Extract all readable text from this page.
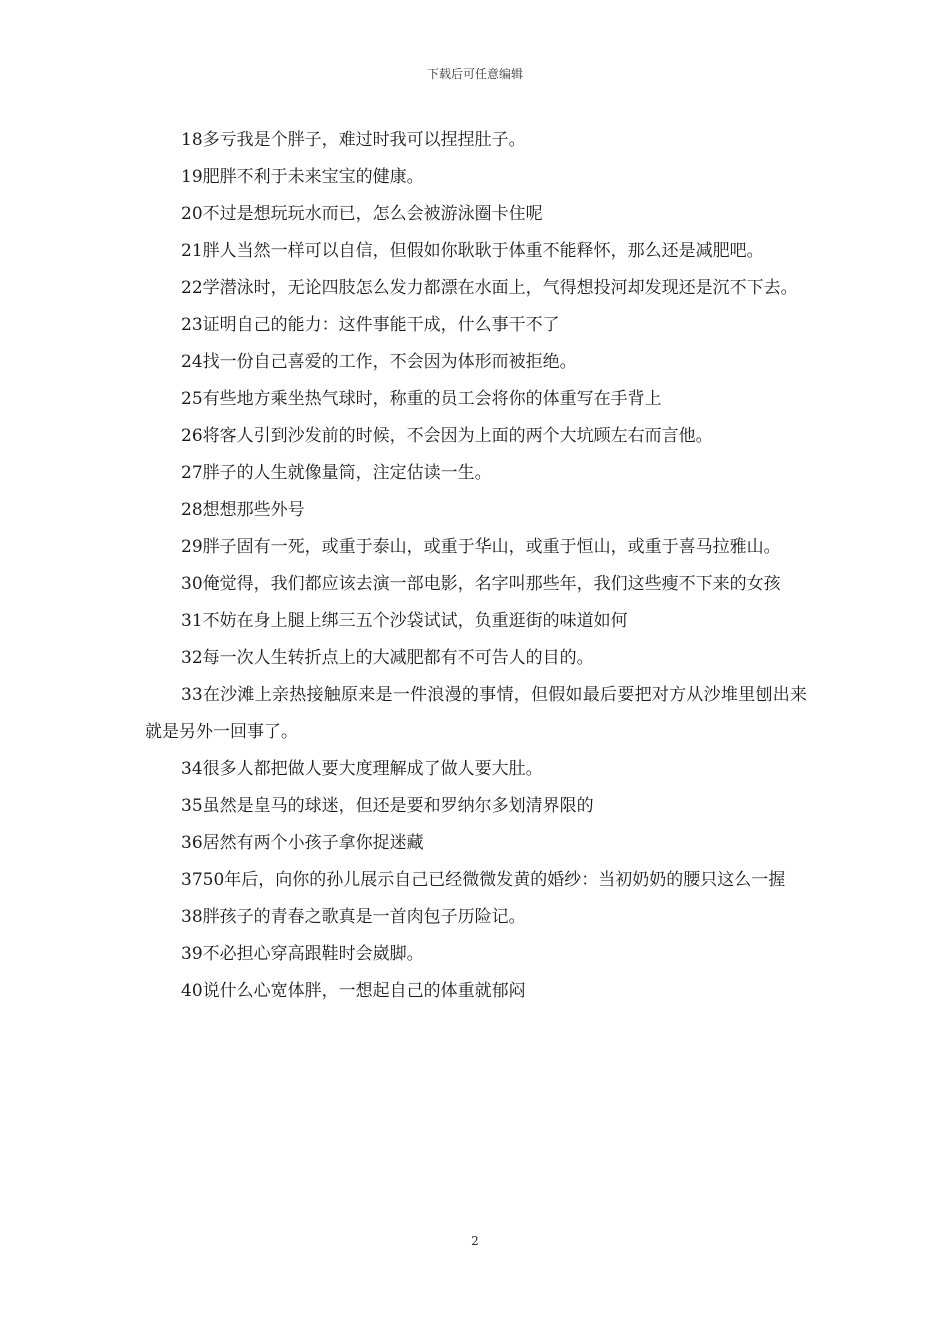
下载后可任意编辑

18多亏我是个胖子，难过时我可以捏捏肚子。

19肥胖不利于未来宝宝的健康。

20不过是想玩玩水而已，怎么会被游泳圈卡住呢

21胖人当然一样可以自信，但假如你耿耿于体重不能释怀，那么还是减肥吧。

22学潜泳时，无论四肢怎么发力都漂在水面上，气得想投河却发现还是沉不下去。

23证明自己的能力：这件事能干成，什么事干不了

24找一份自己喜爱的工作，不会因为体形而被拒绝。

25有些地方乘坐热气球时，称重的员工会将你的体重写在手背上

26将客人引到沙发前的时候，不会因为上面的两个大坑顾左右而言他。

27胖子的人生就像量筒，注定估读一生。

28想想那些外号

29胖子固有一死，或重于泰山，或重于华山，或重于恒山，或重于喜马拉雅山。

30俺觉得，我们都应该去演一部电影，名字叫那些年，我们这些瘦不下来的女孩

31不妨在身上腿上绑三五个沙袋试试，负重逛街的味道如何

32每一次人生转折点上的大减肥都有不可告人的目的。

33在沙滩上亲热接触原来是一件浪漫的事情，但假如最后要把对方从沙堆里刨出来就是另外一回事了。

34很多人都把做人要大度理解成了做人要大肚。

35虽然是皇马的球迷，但还是要和罗纳尔多划清界限的

36居然有两个小孩子拿你捉迷藏

3750年后，向你的孙儿展示自己已经微微发黄的婚纱：当初奶奶的腰只这么一握

38胖孩子的青春之歌真是一首肉包子历险记。

39不必担心穿高跟鞋时会崴脚。

40说什么心宽体胖，一想起自己的体重就郁闷

2
